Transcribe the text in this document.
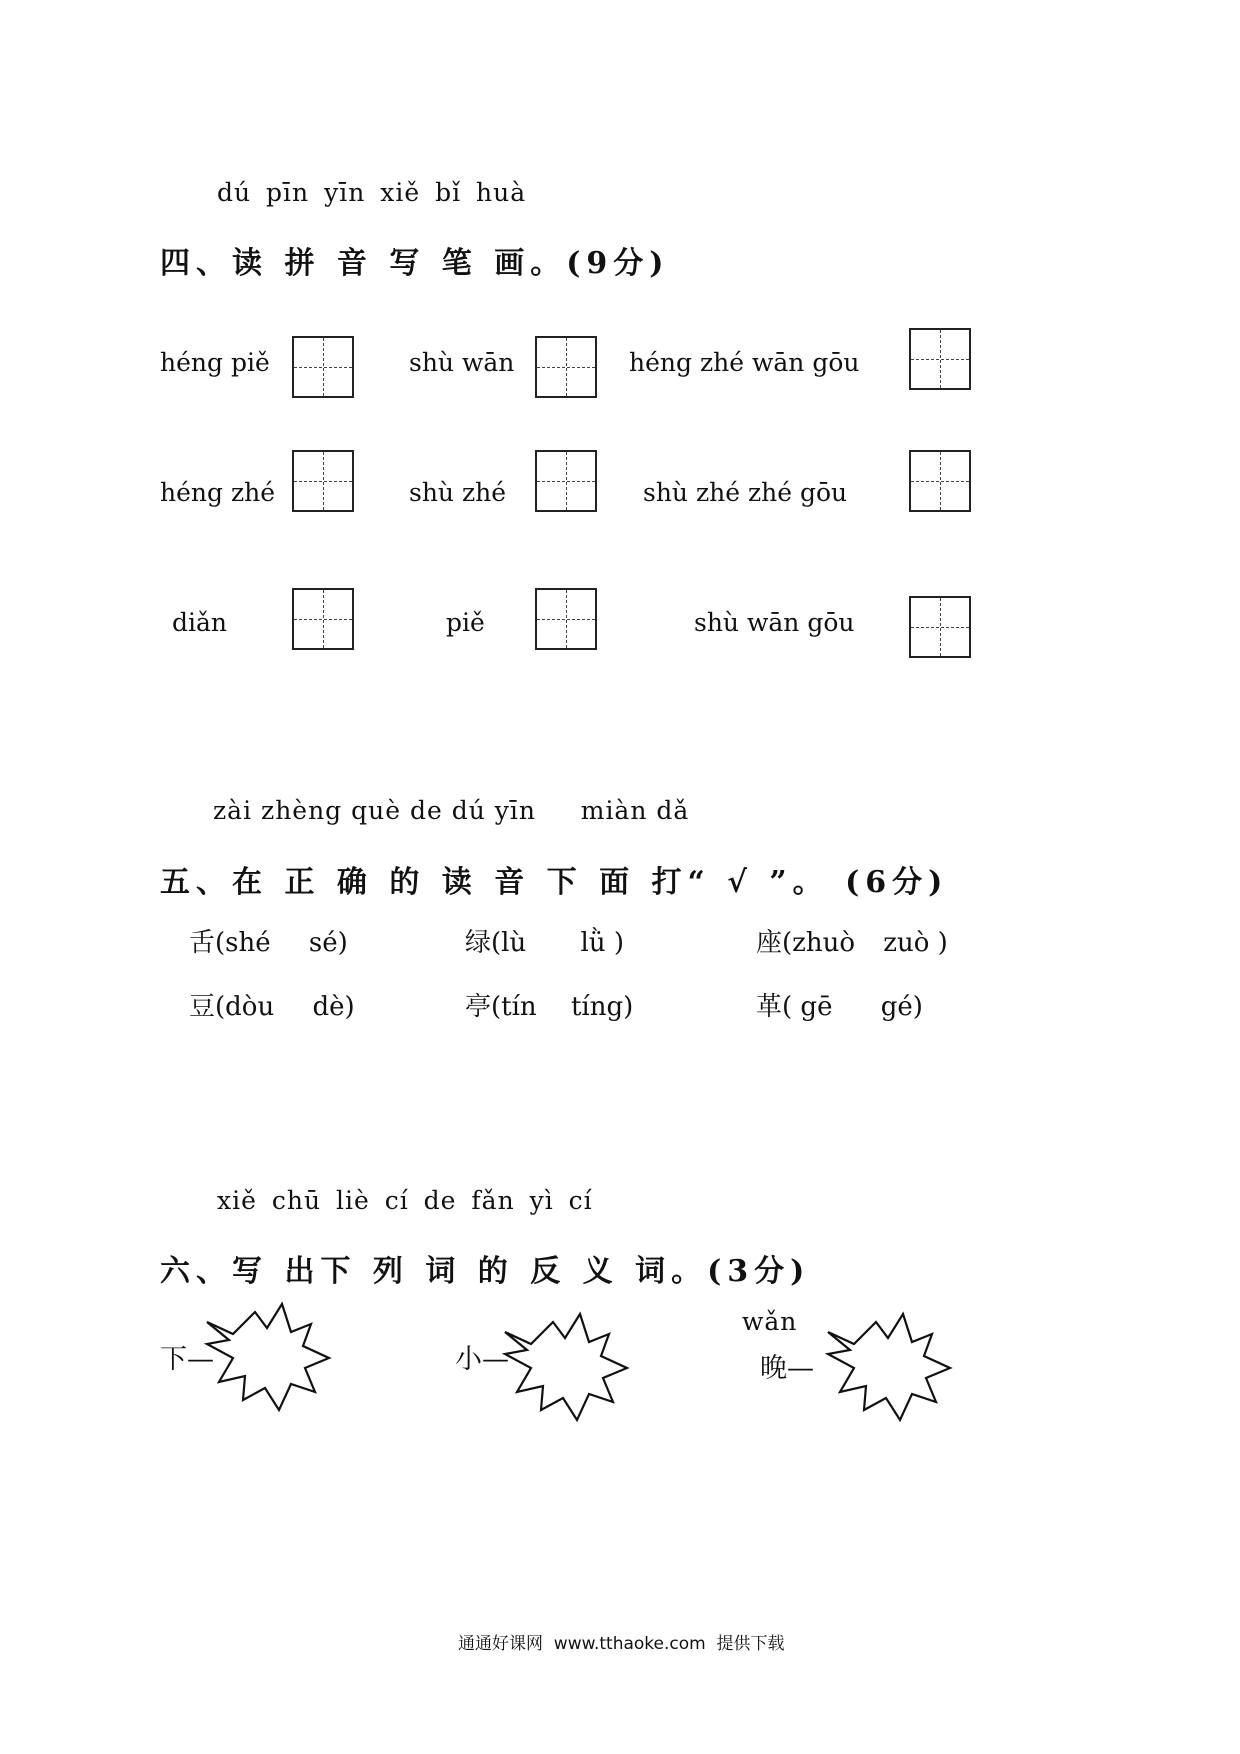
dú pīn yīn xiě bǐ huà
四、读 拼 音 写 笔 画。(9分)
héng piě	shù wān	héng zhé wān gōu
héng zhé	shù zhé	shù zhé zhé gōu
diǎn	piě	shù wān gōu
zài zhèng què de dú yīn     miàn dǎ
五、在 正 确 的 读 音 下 面 打“ √ ”。 (6分)
舌(shé sé)	绿(lù lǜ )	座(zhuò zuò )
豆(dòu dè)	亭(tín tíng)	革( gē gé)
xiě chū liè cí de fǎn yì cí
六、写 出下 列 词 的 反 义 词。(3分)
下—	小—
wǎn
晚—
通通好课网  www.tthaoke.com  提供下载
